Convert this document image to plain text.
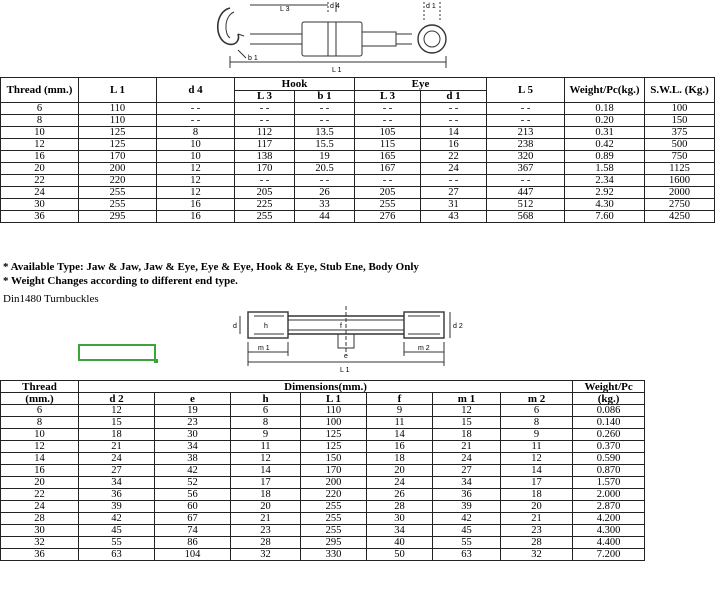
L 3	d 4	d 1
b 1
L 1
Thread (mm.)	L 1	d 4	Hook		Eye		L 5	Weight/Pc(kg.)	S.W.L. (Kg.)
			L 3	b 1	L 3	d 1			
6	110	- -	- -	- -	- -	- -	- -	0.18	100
8	110	- -	- -	- -	- -	- -	- -	0.20	150
10	125	8	112	13.5	105	14	213	0.31	375
12	125	10	117	15.5	115	16	238	0.42	500
16	170	10	138	19	165	22	320	0.89	750
20	200	12	170	20.5	167	24	367	1.58	1125
22	220	12	- -	- -	- -	- -	- -	2.34	1600
24	255	12	205	26	205	27	447	2.92	2000
30	255	16	225	33	255	31	512	4.30	2750
36	295	16	255	44	276	43	568	7.60	4250
* Available Type: Jaw & Jaw, Jaw & Eye, Eye & Eye, Hook & Eye, Stub Ene, Body Only
* Weight Changes according to different end type.
Din1480 Turnbuckles
d	h	f	d 2
m 1
e
m 2
L 1
Thread	Dimensions(mm.)							Weight/Pc
(mm.)	d 2	e	h	L 1	f	m 1	m 2	(kg.)
6	12	19	6	110	9	12	6	0.086
8	15	23	8	100	11	15	8	0.140
10	18	30	9	125	14	18	9	0.260
12	21	34	11	125	16	21	11	0.370
14	24	38	12	150	18	24	12	0.590
16	27	42	14	170	20	27	14	0.870
20	34	52	17	200	24	34	17	1.570
22	36	56	18	220	26	36	18	2.000
24	39	60	20	255	28	39	20	2.870
28	42	67	21	255	30	42	21	4.200
30	45	74	23	255	34	45	23	4.300
32	55	86	28	295	40	55	28	4.400
36	63	104	32	330	50	63	32	7.200
